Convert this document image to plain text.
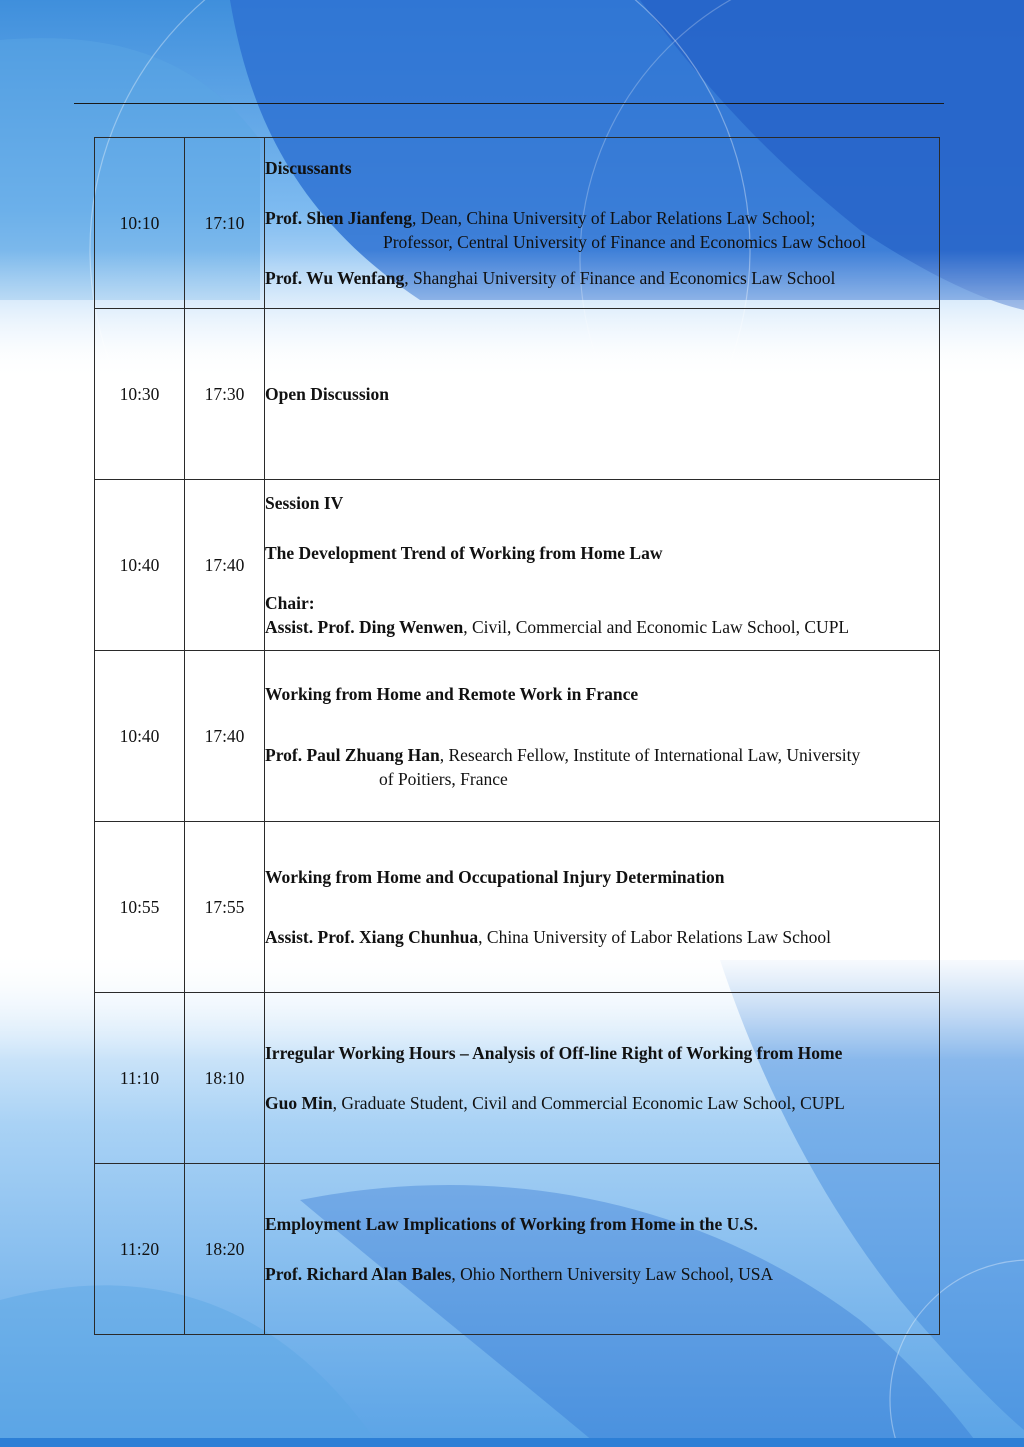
10:10	17:10	Discussants

Prof. Shen Jianfeng, Dean, China University of Labor Relations Law School;

Professor, Central University of Finance and Economics Law School

Prof. Wu Wenfang, Shanghai University of Finance and Economics Law School

10:30	17:30	Open Discussion

10:40	17:40	Session IV

The Development Trend of Working from Home Law

Chair:

Assist. Prof. Ding Wenwen, Civil, Commercial and Economic Law School, CUPL

10:40	17:40	Working from Home and Remote Work in France

Prof. Paul Zhuang Han, Research Fellow, Institute of International Law, University

of Poitiers, France

10:55	17:55	Working from Home and Occupational Injury Determination

Assist. Prof. Xiang Chunhua, China University of Labor Relations Law School

11:10	18:10	Irregular Working Hours – Analysis of Off-line Right of Working from Home

Guo Min, Graduate Student, Civil and Commercial Economic Law School, CUPL

11:20	18:20	Employment Law Implications of Working from Home in the U.S.

Prof. Richard Alan Bales, Ohio Northern University Law School, USA
